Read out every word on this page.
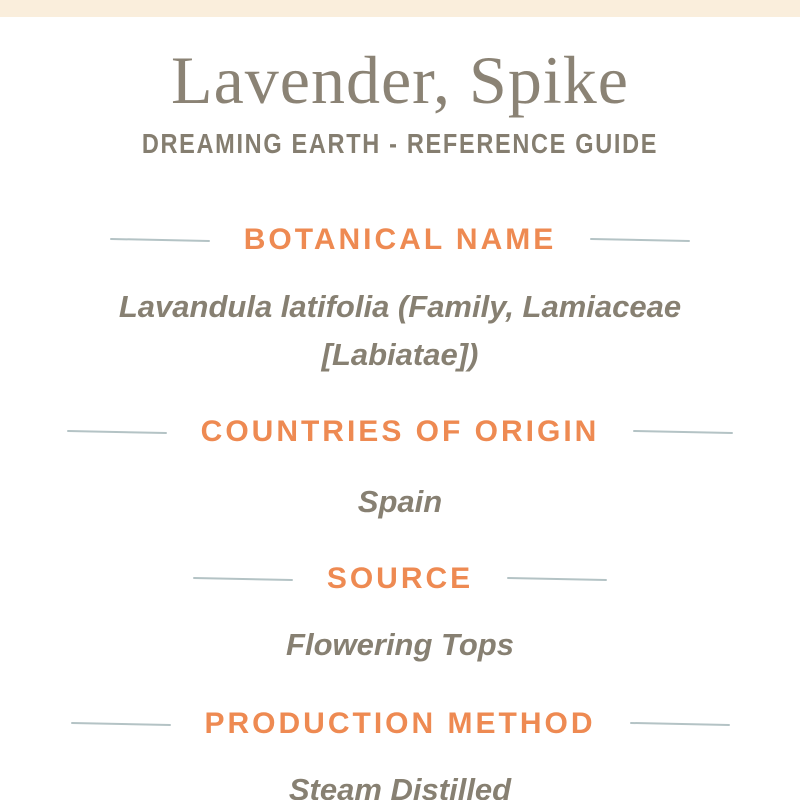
Lavender, Spike
DREAMING EARTH - REFERENCE GUIDE
BOTANICAL NAME
Lavandula latifolia (Family, Lamiaceae [Labiatae])
COUNTRIES OF ORIGIN
Spain
SOURCE
Flowering Tops
PRODUCTION METHOD
Steam Distilled
